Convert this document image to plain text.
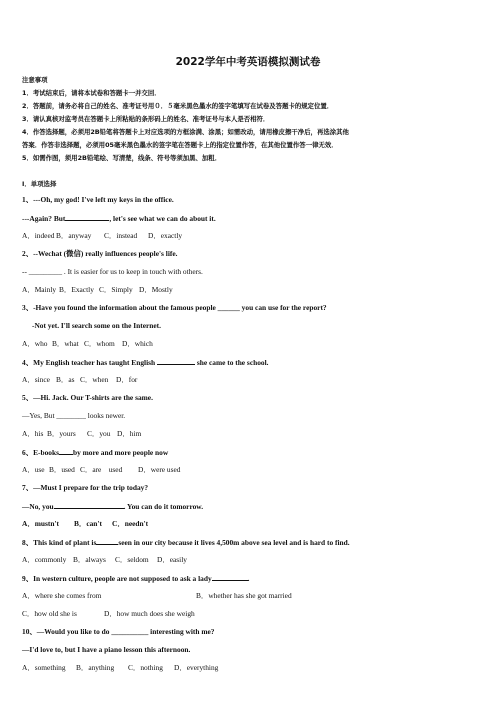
2022学年中考英语模拟测试卷
注意事项
1．考试结束后，请将本试卷和答题卡一并交回．
2．答题前，请务必将自己的姓名、准考证号用０．５毫米黑色墨水的签字笔填写在试卷及答题卡的规定位置．
3．请认真核对监考员在答题卡上所粘贴的条形码上的姓名、准考证号与本人是否相符．
4．作答选择题，必须用2B铅笔将答题卡上对应选项的方框涂满、涂黑；如需改动，请用橡皮擦干净后，再选涂其他
答案．作答非选择题，必须用05毫米黑色墨水的签字笔在答题卡上的指定位置作答，在其他位置作答一律无效．
5．如需作图，须用2B铅笔绘、写清楚，线条、符号等须加黑、加粗．
Ⅰ．单项选择
1、---Oh, my god! I've left my keys in the office.
---Again? But	, let's see what we can do about it.
A．indeed B．anyway C．instead D．exactly
2、--Wechat (微信) really influences people's life.
-- _________ . It is easier for us to keep in touch with others.
A．Mainly B．Exactly C．Simply D．Mostly
3、-Have you found the information about the famous people ______ you can use for the report?
-Not yet. I'll search some on the Internet.
A．who B．what C．whom D．which
4、My English teacher has taught English	she came to the school.
A．since B．as C．when D．for
5、—Hi. Jack. Our T-shirts are the same.
—Yes, But ________ looks newer.
A．his B．yours C．you D．him
6、E-books by more and more people now
A．use B．used C．are　used D．were used
7、—Must I prepare for the trip today?
—No, you	. You can do it tomorrow.
A．mustn't B．can't C．needn't
8、This kind of plant is	seen in our city because it lives 4,500m above sea level and is hard to find.
A．commonly B．always C．seldom D．easily
9、In western culture, people are not supposed to ask a lady	.
A．where she comes from	B．whether has she got married
C．how old she is	D．how much does she weigh
10、—Would you like to do __________ interesting with me?
—I'd love to, but I have a piano lesson this afternoon.
A．something B．anything C．nothing D．everything
